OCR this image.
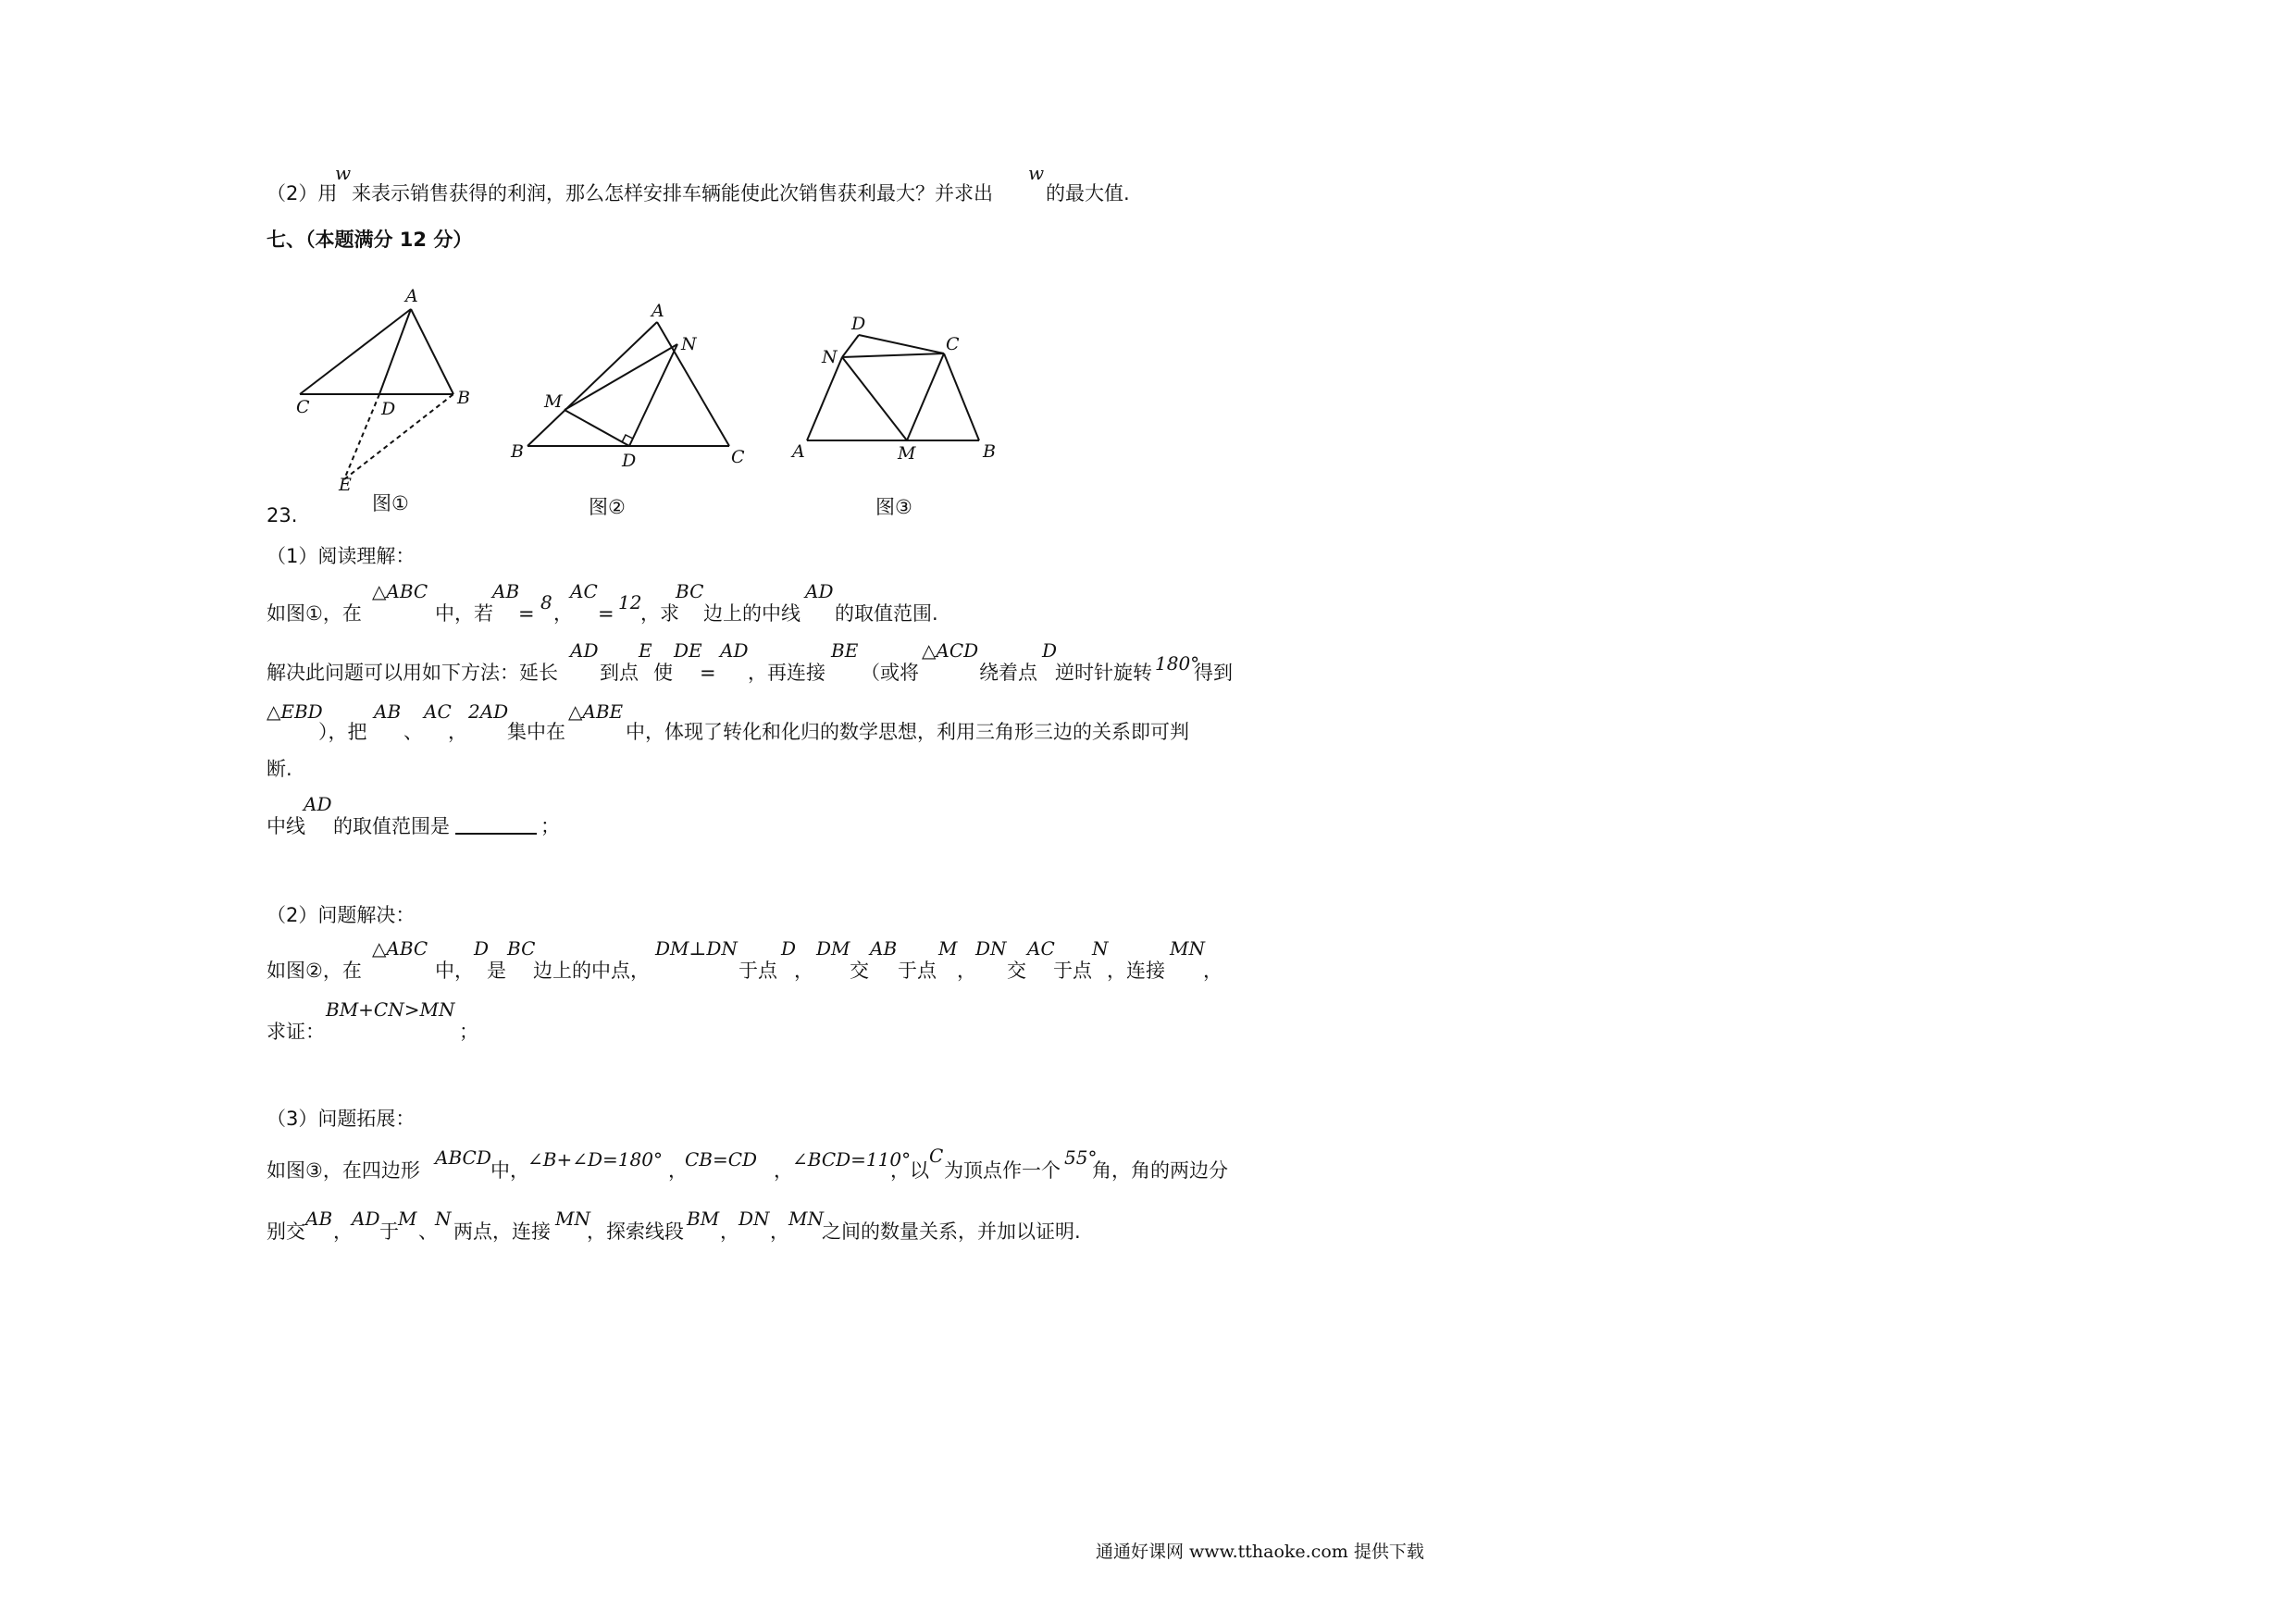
（2）用
w
来表示销售获得的利润，那么怎样安排车辆能使此次销售获利最大？并求出
w
的最大值.
七、（本题满分 12 分）
A
C	D
B
E
A
N
M
B	D	C
D
C
N
A	M	B
图①	图②	图③
23.
（1）阅读理解：
如图①，在
△ABC
中，若
AB
= 8 ，
AC
= 12
，求
BC
边上的中线
AD
的取值范围.
解决此问题可以用如下方法：延长
AD
到点
E
使
DE
=
AD
，再连接
BE
（或将
△ACD
绕着点
D
逆时针旋转 180°
得到
△EBD
），把
AB
、
AC
，
2AD
集中在
△ABE
中，体现了转化和化归的数学思想，利用三角形三边的关系即可判
断.
中线
AD
的取值范围是	；
（2）问题解决：
如图②，在
△ABC
中，
D
是
BC
边上的中点，
DM⊥DN
于点
D
，
DM
交
AB
于点
M
，
DN
交
AC
于点
N
，连接
MN
，
求证：
BM+CN>MN
；
（3）问题拓展：
如图③，在四边形
ABCD
中，
∠B+∠D=180° ，
CB=CD ， ∠BCD=110°
，以
C
为顶点作一个
55°
角，角的两边分
别交
AB
，
AD
于
M
、
N
两点，连接
MN
，探索线段
BM
，
DN
，
MN
之间的数量关系，并加以证明.
通通好课网 www.tthaoke.com 提供下载
